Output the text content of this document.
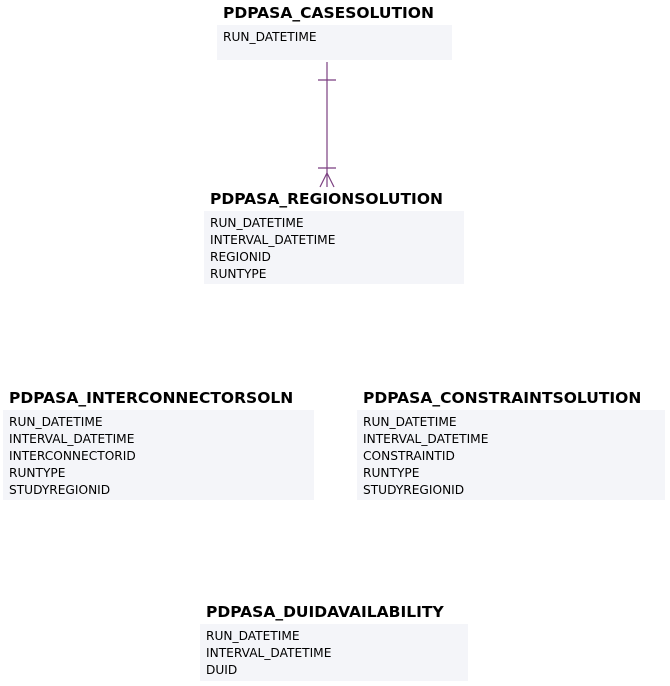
PDPASA_CASESOLUTION
RUN_DATETIME
PDPASA_REGIONSOLUTION
RUN_DATETIME
INTERVAL_DATETIME
REGIONID
RUNTYPE
PDPASA_INTERCONNECTORSOLN
RUN_DATETIME
INTERVAL_DATETIME
INTERCONNECTORID
RUNTYPE
STUDYREGIONID
PDPASA_CONSTRAINTSOLUTION
RUN_DATETIME
INTERVAL_DATETIME
CONSTRAINTID
RUNTYPE
STUDYREGIONID
PDPASA_DUIDAVAILABILITY
RUN_DATETIME
INTERVAL_DATETIME
DUID
